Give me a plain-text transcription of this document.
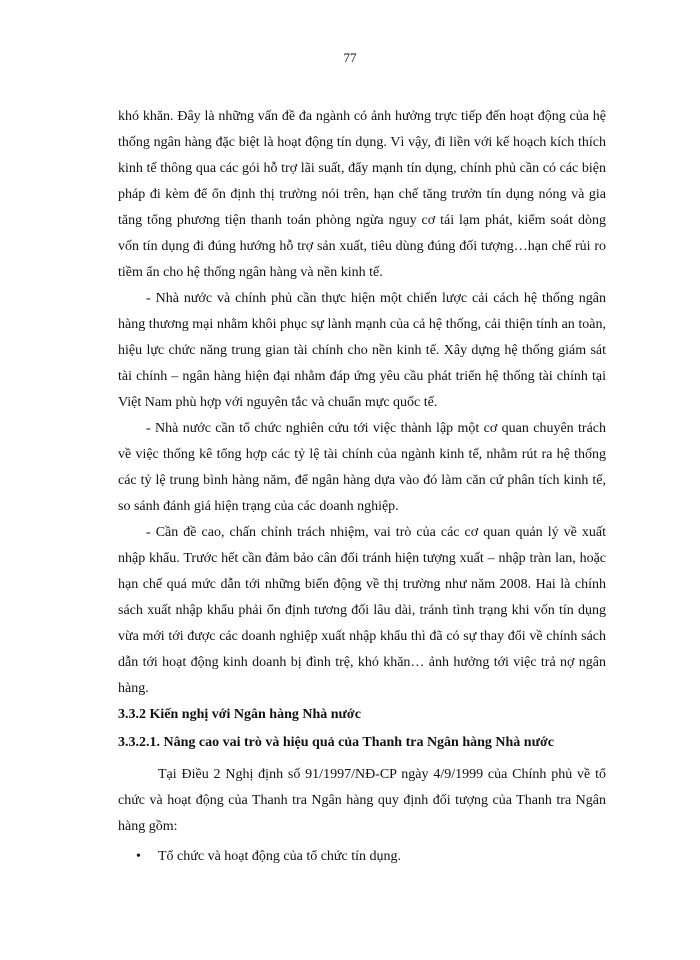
77

khó khăn. Đây là những vấn đề đa ngành có ảnh hưởng trực tiếp đến hoạt động của hệ thống ngân hàng đặc biệt là hoạt động tín dụng. Vì vậy, đi liền với kế hoạch kích thích kinh tế thông qua các gói hỗ trợ lãi suất, đẩy mạnh tín dụng, chính phủ cần có các biện pháp đi kèm để ổn định thị trường nói trên, hạn chế tăng trưởn tín dụng nóng và gia tăng tổng phương tiện thanh toán phòng ngừa nguy cơ tái lạm phát, kiểm soát dòng vốn tín dụng đi đúng hướng hỗ trợ sản xuất, tiêu dùng đúng đối tượng…hạn chế rủi ro tiềm ẩn cho hệ thống ngân hàng và nền kinh tế.

- Nhà nước và chính phủ cần thực hiện một chiến lược cải cách hệ thống ngân hàng thương mại nhằm khôi phục sự lành mạnh của cả hệ thống, cải thiện tính an toàn, hiệu lực chức năng trung gian tài chính cho nền kinh tế. Xây dựng hệ thống giám sát tài chính – ngân hàng hiện đại nhằm đáp ứng yêu cầu phát triển hệ thống tài chính tại Việt Nam phù hợp với nguyên tắc và chuẩn mực quốc tế.

- Nhà nước cần tổ chức nghiên cứu tới việc thành lập một cơ quan chuyên trách về việc thống kê tổng hợp các tỷ lệ tài chính của ngành kinh tế, nhằm rút ra hệ thống các tỷ lệ trung bình hàng năm, để ngân hàng dựa vào đó làm căn cứ phân tích kinh tế, so sánh đánh giá hiện trạng của các doanh nghiệp.

- Cần đề cao, chấn chỉnh trách nhiệm, vai trò của các cơ quan quản lý về xuất nhập khẩu. Trước hết cần đảm bảo cân đối tránh hiện tượng xuất – nhập tràn lan, hoặc hạn chế quá mức dẫn tới những biến động về thị trường như năm 2008. Hai là chính sách xuất nhập khẩu phải ổn định tương đối lâu dài, tránh tình trạng khi vốn tín dụng vừa mới tới được các doanh nghiệp xuất nhập khẩu thì đã có sự thay đổi về chính sách dẫn tới hoạt động kinh doanh bị đình trệ, khó khăn… ảnh hưởng tới việc trả nợ ngân hàng.

3.3.2 Kiến nghị với Ngân hàng Nhà nước
3.3.2.1. Nâng cao vai trò và hiệu quả của Thanh tra Ngân hàng Nhà nước

Tại Điều 2 Nghị định số 91/1997/NĐ-CP ngày 4/9/1999 của Chính phủ về tổ chức và hoạt động của Thanh tra Ngân hàng quy định đối tượng của Thanh tra Ngân hàng gồm:

• Tổ chức và hoạt động của tổ chức tín dụng.
